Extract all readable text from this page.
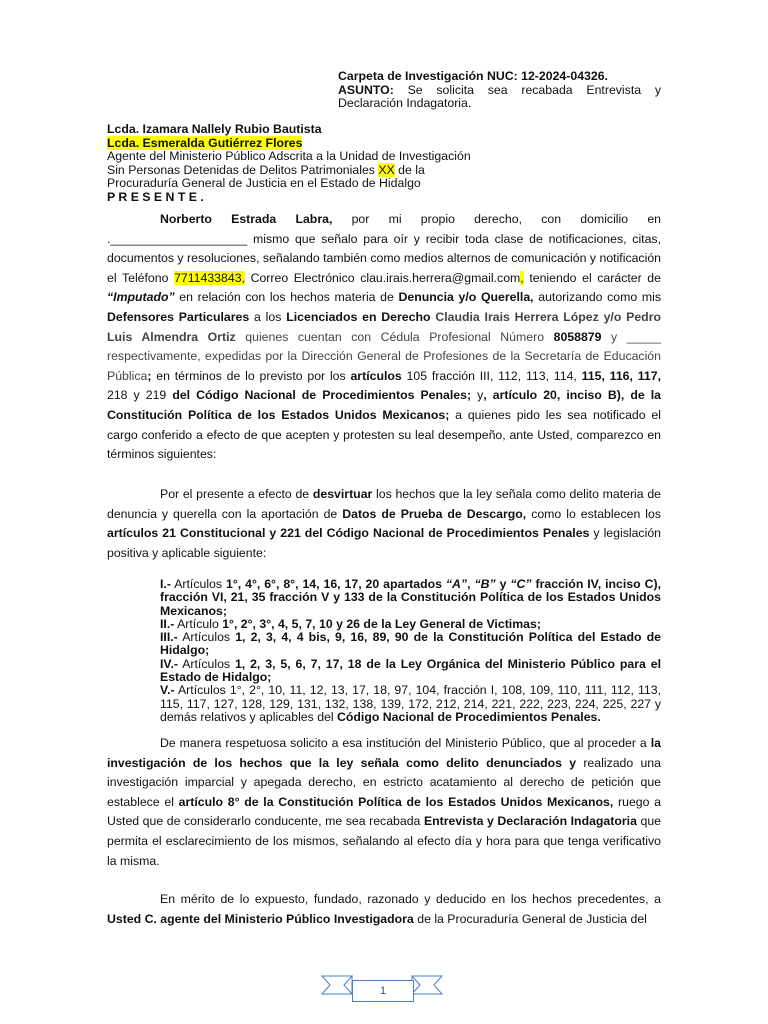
Carpeta de Investigación NUC: 12-2024-04326.
ASUNTO: Se solicita sea recabada Entrevista y
Declaración Indagatoria.
Lcda. Izamara Nallely Rubio Bautista
Lcda. Esmeralda Gutiérrez Flores
Agente del Ministerio Público Adscrita a la Unidad de Investigación
Sin Personas Detenidas de Delitos Patrimoniales XX de la
Procuraduría General de Justicia en el Estado de Hidalgo
P R E S E N T E .

Norberto Estrada Labra, por mi propio derecho, con domicilio en .____________________ mismo que señalo para oír y recibir toda clase de notificaciones, citas, documentos y resoluciones, señalando también como medios alternos de comunicación y notificación el Teléfono 7711433843, Correo Electrónico clau.irais.herrera@gmail.com, teniendo el carácter de “Imputado” en relación con los hechos materia de Denuncia y/o Querella, autorizando como mis Defensores Particulares a los Licenciados en Derecho Claudia Irais Herrera López y/o Pedro Luis Almendra Ortiz quienes cuentan con Cédula Profesional Número 8058879 y _____ respectivamente, expedidas por la Dirección General de Profesiones de la Secretaría de Educación Pública; en términos de lo previsto por los artículos 105 fracción III, 112, 113, 114, 115, 116, 117, 218 y 219 del Código Nacional de Procedimientos Penales; y, artículo 20, inciso B), de la Constitución Política de los Estados Unidos Mexicanos; a quienes pido les sea notificado el cargo conferido a efecto de que acepten y protesten su leal desempeño, ante Usted, comparezco en términos siguientes:

Por el presente a efecto de desvirtuar los hechos que la ley señala como delito materia de denuncia y querella con la aportación de Datos de Prueba de Descargo, como lo establecen los artículos 21 Constitucional y 221 del Código Nacional de Procedimientos Penales y legislación positiva y aplicable siguiente:

I.- Artículos 1°, 4°, 6°, 8°, 14, 16, 17, 20 apartados “A”, “B” y “C” fracción IV, inciso C), fracción VI, 21, 35 fracción V y 133 de la Constitución Política de los Estados Unidos Mexicanos;

II.- Artículo 1°, 2°, 3°, 4, 5, 7, 10 y 26 de la Ley General de Victimas;

III.- Artículos 1, 2, 3, 4, 4 bis, 9, 16, 89, 90 de la Constitución Política del Estado de Hidalgo;

IV.- Artículos 1, 2, 3, 5, 6, 7, 17, 18 de la Ley Orgánica del Ministerio Público para el Estado de Hidalgo;

V.- Artículos 1°, 2°, 10, 11, 12, 13, 17, 18, 97, 104, fracción I, 108, 109, 110, 111, 112, 113, 115, 117, 127, 128, 129, 131, 132, 138, 139, 172, 212, 214, 221, 222, 223, 224, 225, 227 y demás relativos y aplicables del Código Nacional de Procedimientos Penales.

De manera respetuosa solicito a esa institución del Ministerio Público, que al proceder a la investigación de los hechos que la ley señala como delito denunciados y realizado una investigación imparcial y apegada derecho, en estricto acatamiento al derecho de petición que establece el artículo 8° de la Constitución Política de los Estados Unidos Mexicanos, ruego a Usted que de considerarlo conducente, me sea recabada Entrevista y Declaración Indagatoria que permita el esclarecimiento de los mismos, señalando al efecto día y hora para que tenga verificativo la misma.

En mérito de lo expuesto, fundado, razonado y deducido en los hechos precedentes, a Usted C. agente del Ministerio Público Investigadora de la Procuraduría General de Justicia del

1
